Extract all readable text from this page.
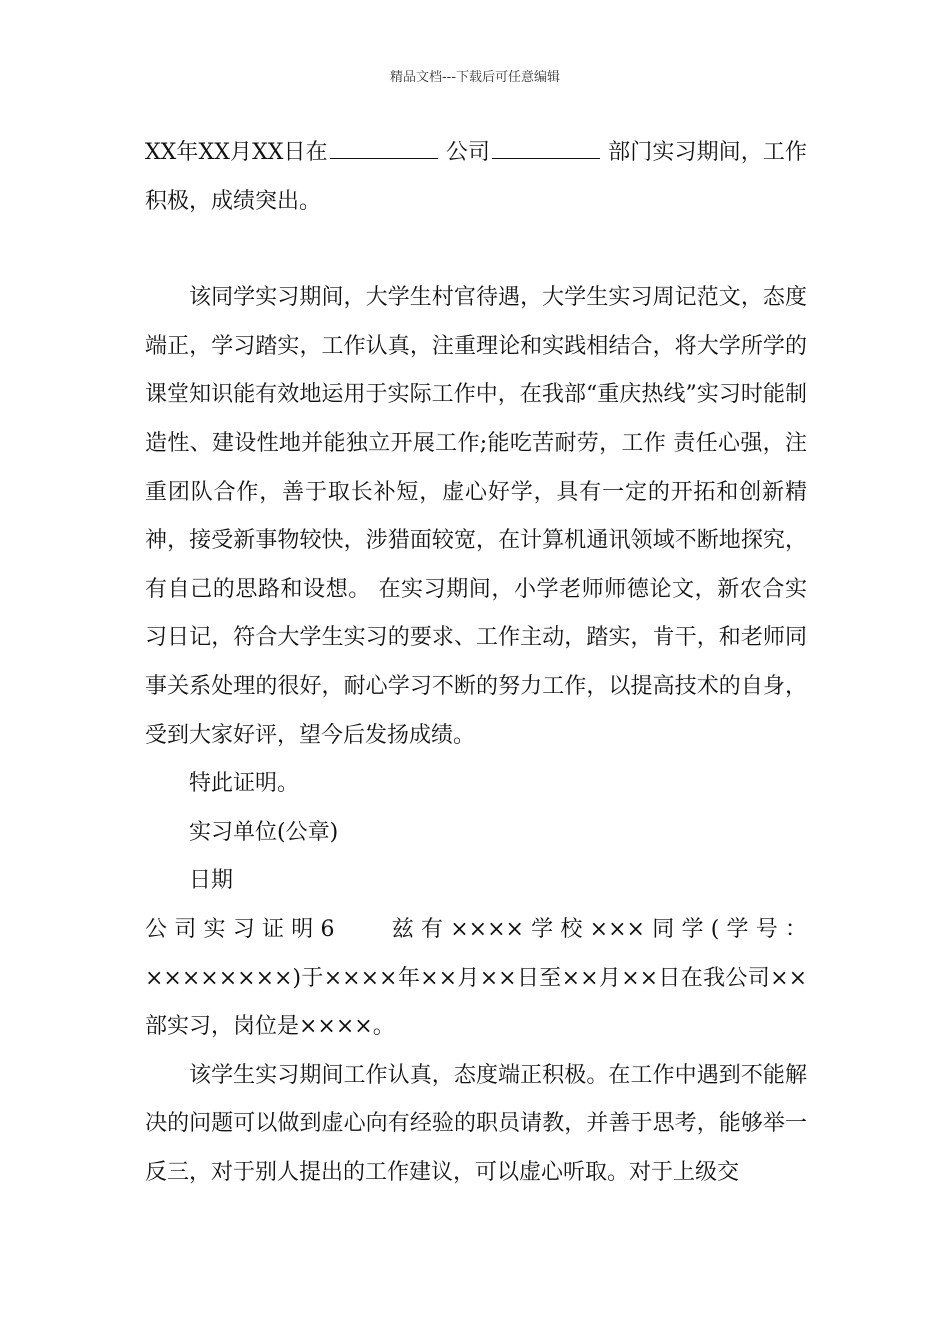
精品文档---下载后可任意编辑

XX年XX月XX日在	公司	部门实习期间，工作积极，成绩突出。

该同学实习期间，大学生村官待遇，大学生实习周记范文，态度端正，学习踏实，工作认真，注重理论和实践相结合，将大学所学的课堂知识能有效地运用于实际工作中，在我部“重庆热线”实习时能制造性、建设性地并能独立开展工作;能吃苦耐劳，工作 责任心强，注重团队合作，善于取长补短，虚心好学，具有一定的开拓和创新精神，接受新事物较快，涉猎面较宽，在计算机通讯领域不断地探究，有自己的思路和设想。 在实习期间，小学老师师德论文，新农合实习日记，符合大学生实习的要求、工作主动，踏实，肯干，和老师同事关系处理的很好，耐心学习不断的努力工作，以提高技术的自身，受到大家好评，望今后发扬成绩。

特此证明。

实习单位(公章)

日期

公司实习证明6 兹有××××学校×××同学(学号：××××××××)于××××年××月××日至××月××日在我公司××部实习，岗位是××××。

该学生实习期间工作认真，态度端正积极。在工作中遇到不能解决的问题可以做到虚心向有经验的职员请教，并善于思考，能够举一反三，对于别人提出的工作建议，可以虚心听取。对于上级交
